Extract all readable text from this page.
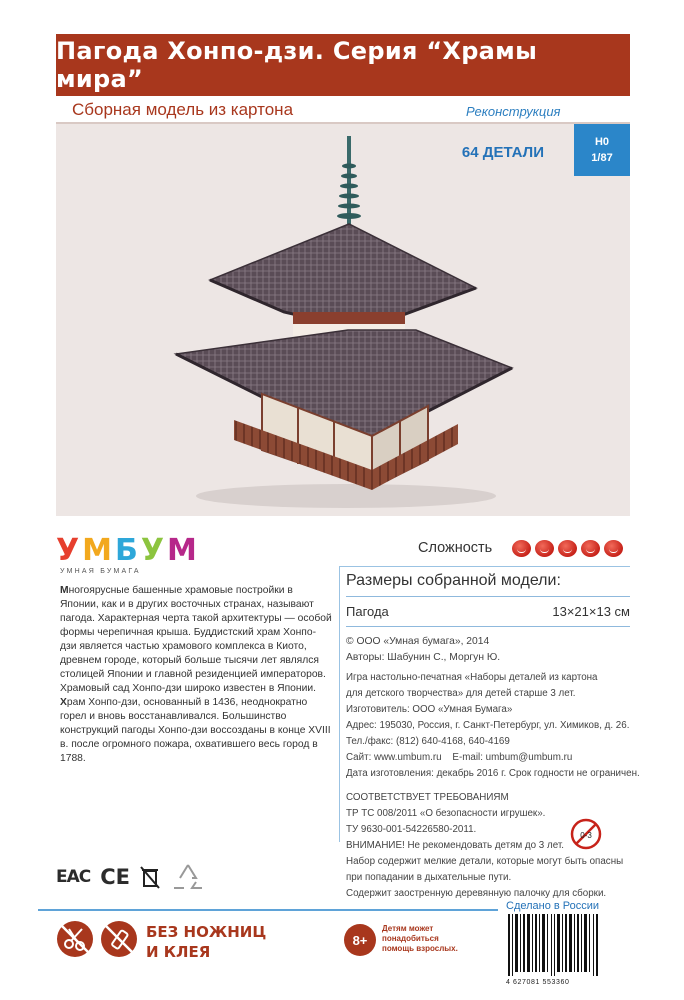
Пагода Хонпо-дзи. Серия “Храмы мира”
Сборная модель из картона	Реконструкция
64 ДЕТАЛИ
H0
1/87
У М Б У М
УМНАЯ БУМАГА
Сложность
Размеры собранной модели:
Пагода	13×21×13 см
© ООО «Умная бумага», 2014
Авторы: Шабунин С., Моргун Ю.
Игра настольно-печатная «Наборы деталей из картона
для детского творчества» для детей старше 3 лет.
Изготовитель: ООО «Умная Бумага»
Адрес: 195030, Россия, г. Санкт-Петербург, ул. Химиков, д. 26.
Тел./факс: (812) 640-4168, 640-4169
Сайт: www.umbum.ru    E-mail: umbum@umbum.ru
Дата изготовления: декабрь 2016 г. Срок годности не ограничен.
СООТВЕТСТВУЕТ ТРЕБОВАНИЯМ
ТР ТС 008/2011 «О безопасности игрушек».
ТУ 9630-001-54226580-2011.
ВНИМАНИЕ! Не рекомендовать детям до 3 лет.
Набор содержит мелкие детали, которые могут быть опасны
при попадании в дыхательные пути.
Содержит заостренную деревянную палочку для сборки.
0-3

Многоярусные башенные храмовые постройки в Японии, как и в других восточных странах, называют пагода. Характерная черта такой архитектуры — особой формы черепичная крыша. Буддистский храм Хонпо-дзи является частью храмового комплекса в Киото, древнем городе, который больше тысячи лет являлся столицей Японии и главной резиденцией императоров. Храмовый сад Хонпо-дзи широко известен в Японии.

Храм Хонпо-дзи, основанный в 1436, неоднократно горел и вновь восстанавливался. Большинство конструкций пагоды Хонпо-дзи воссозданы в конце XVIII в. после огромного пожара, охватившего весь город в 1788.

EAC CE
Сделано в России
БЕЗ НОЖНИЦ
И КЛЕЯ
8+
Детям может
понадобиться
помощь взрослых.
4 627081 553360
